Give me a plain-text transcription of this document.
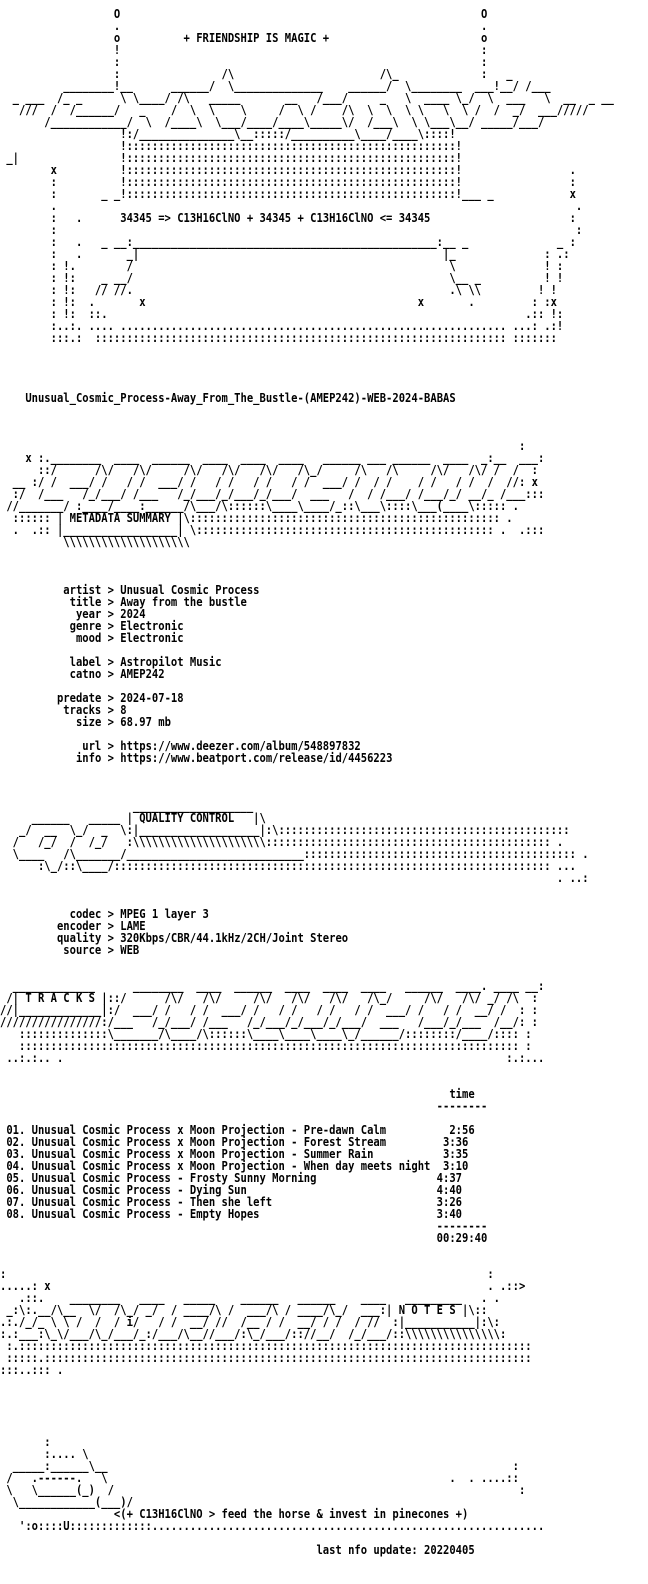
O                                                         O
.                                                         .
o          + FRIENDSHIP IS MAGIC +                        o
!                                                         :
:                                                         :
:                /\                       /\_             :   _
________!__      ______/  \______________    ______/  \________  ___!__/ /___
_ ___  /_ _      \ \____/ /\   _____       __   /___/     _   \  ____ \_/  \  ___   \  __  _ __
///  /  /______/   _    /  \  \    \     /  \ /    /\  \  \  \ \   \  \ /  /  _/  ___/////
/____________/  \  /____\  \___/____/____\_____\/  /___\  \ \___\__/ _____/___/
!:/_______________\__:::::/__________\____/____\::::!
!::::::::::::::::::::::::::::::::::::::::::::::::::::!
_|                !::::::::::::::::::::::::::::::::::::::::::::::::::::!
x          !::::::::::::::::::::::::::::::::::::::::::::::::::::!                 .
:          !::::::::::::::::::::::::::::::::::::::::::::::::::::!                 :
:       _ _!::::::::::::::::::::::::::::::::::::::::::::::::::::!___ _            x
.                                                                                  .
:   .      34345 => C13H16ClNO + 34345 + C13H16ClNO <= 34345                      :
:                                                                                  :
:   .   _ __:________________________________________________:__ _              _ :
:   .       _|                                                |_              : .:
: !.        /                                                  \              ! :
: !:    _ __/                                                  \__ _          ! !
: !:   // //.                                                  .\ \\         ! !
: !:  .       x                                           x       .         : :x
: !:  ::.                                                                  .:: !:
:..:. .... ............................................................. ...: .:!
:::.:  ::::::::::::::::::::::::::::::::::::::::::::::::::::::::::::::::: :::::::

Unusual_Cosmic_Process-Away_From_The_Bustle-(AMEP242)-WEB-2024-BABAS

:
x :.________  ____  ______  ____  ____  ____   ______ ___ ______  ____  _:__  ___:
::/      /\/   /\/     /\/   /\/   /\/   /\_/     /\   /\     /\/   /\/ /  /  :
__ :/ /  ___/ /   / /  ___/ /   / /   / /   / /  ___/ /  / /    / /   / /  /  //: x
:/  /___   /_/___/ /___   /_/___/_/___/_/___/  ___   /  / /___/ /___/_/ __/_ /___:::
//_______/ :____/____:______/\___/\::::::\____\____/_::\___\::::\___(____\::::: .
:::::: | METADATA SUMMARY |\::::::::::::::::::::::::::::::::::::::::::::::::: .
.  .:: |__________________| \::::::::::::::::::::::::::::::::::::::::::::::: .  .:::
\\\\\\\\\\\\\\\\\\\\

artist > Unusual Cosmic Process
title > Away from the bustle
year > 2024
genre > Electronic
mood > Electronic

label > Astropilot Music
catno > AMEP242

predate > 2024-07-18
tracks > 8
size > 68.97 mb

url > https://www.deezer.com/album/548897832
info > https://www.beatport.com/release/id/4456223

___________________
______   _____ | QUALITY CONTROL   |\
_/  __  \_/  _  \:|___________________|:\::::::::::::::::::::::::::::::::::::::::::::::
/   /_/  /  /_/   :\\\\\\\\\\\\\\\\\\\\\::::::::::::::::::::::::::::::::::::::::::::: .
\____   /\_______/____________________________::::::::::::::::::::::::::::::::::::::::::: .
:\_/::\____/::::::::::::::::::::::::::::::::::::::::::::::::::::::::::::::::::::: ...
. ..:

codec > MPEG 1 layer 3
encoder > LAME
quality > 320Kbps/CBR/44.1kHz/2CH/Joint Stereo
source > WEB

_____________      ________  ____  ______  ____  ____  ____   ______  ____. ____ __:
/| T R A C K S |::/      /\/   /\/     /\/   /\/   /\/   /\_/     /\/   /\/ _/ /\  :
//|_____________|:/  ___/ /   / /  ___/ /   / /   / /   / /  ___/ /   / /  __/ /  : :
////////////////:/___   /_/___/ /___   /_/___/_/___/_/___/  ___   /___/_/___  /__/: :
::::::::::::::\_______/\____/\::::::\____\____\____\_/______/::::::::/____/:::: :
::::::::::::::::::::::::::::::::::::::::::::::::::::::::::::::::::::::::::::::: :
..:.:.. .                                                                      :.:...

time
--------

01. Unusual Cosmic Process x Moon Projection - Pre-dawn Calm          2:56
02. Unusual Cosmic Process x Moon Projection - Forest Stream         3:36
03. Unusual Cosmic Process x Moon Projection - Summer Rain           3:35
04. Unusual Cosmic Process x Moon Projection - When day meets night  3:10
05. Unusual Cosmic Process - Frosty Sunny Morning                   4:37
06. Unusual Cosmic Process - Dying Sun                              4:40
07. Unusual Cosmic Process - Then she left                          3:26
08. Unusual Cosmic Process - Empty Hopes                            3:40
--------
00:29:40

:                                                                            :
.....: x                                                                     . .::>
.::.    ________   ____   _____    ______   ______    ____   _________   . .
_:\:.__/\__  \/  /\_/ _/  / ____/\ /  ___/\ / ____/\_/  ___:| N O T E S |\::
.:./_/_ \ \ /  /  / i/   / /  __/ //  /__ / /  __/ / /  / //  :|___________|:\:
:.:___:\_\/___/\_/___/_:/___/\__//___/:\_/___/:://__/  /_/___/::\\\\\\\\\\\\\\\:
:.:::::::::::::::::::::::::::::::::::::::::::::::::::::::::::::::::::::::::::::::::
:::::.:::::::::::::::::::::::::::::::::::::::::::::::::::::::::::::::::::::::::::::
:::..::: .

:
:.... \
_____:______\__                                                                :
/   .------.   \                                                      .  . ....::
\   \______(_)  /                                                                :
\____________(___)/
<(+ C13H16ClNO > feed the horse & invest in pinecones +)
':o::::U:::::::::::::..............................................................

last nfo update: 20220405
